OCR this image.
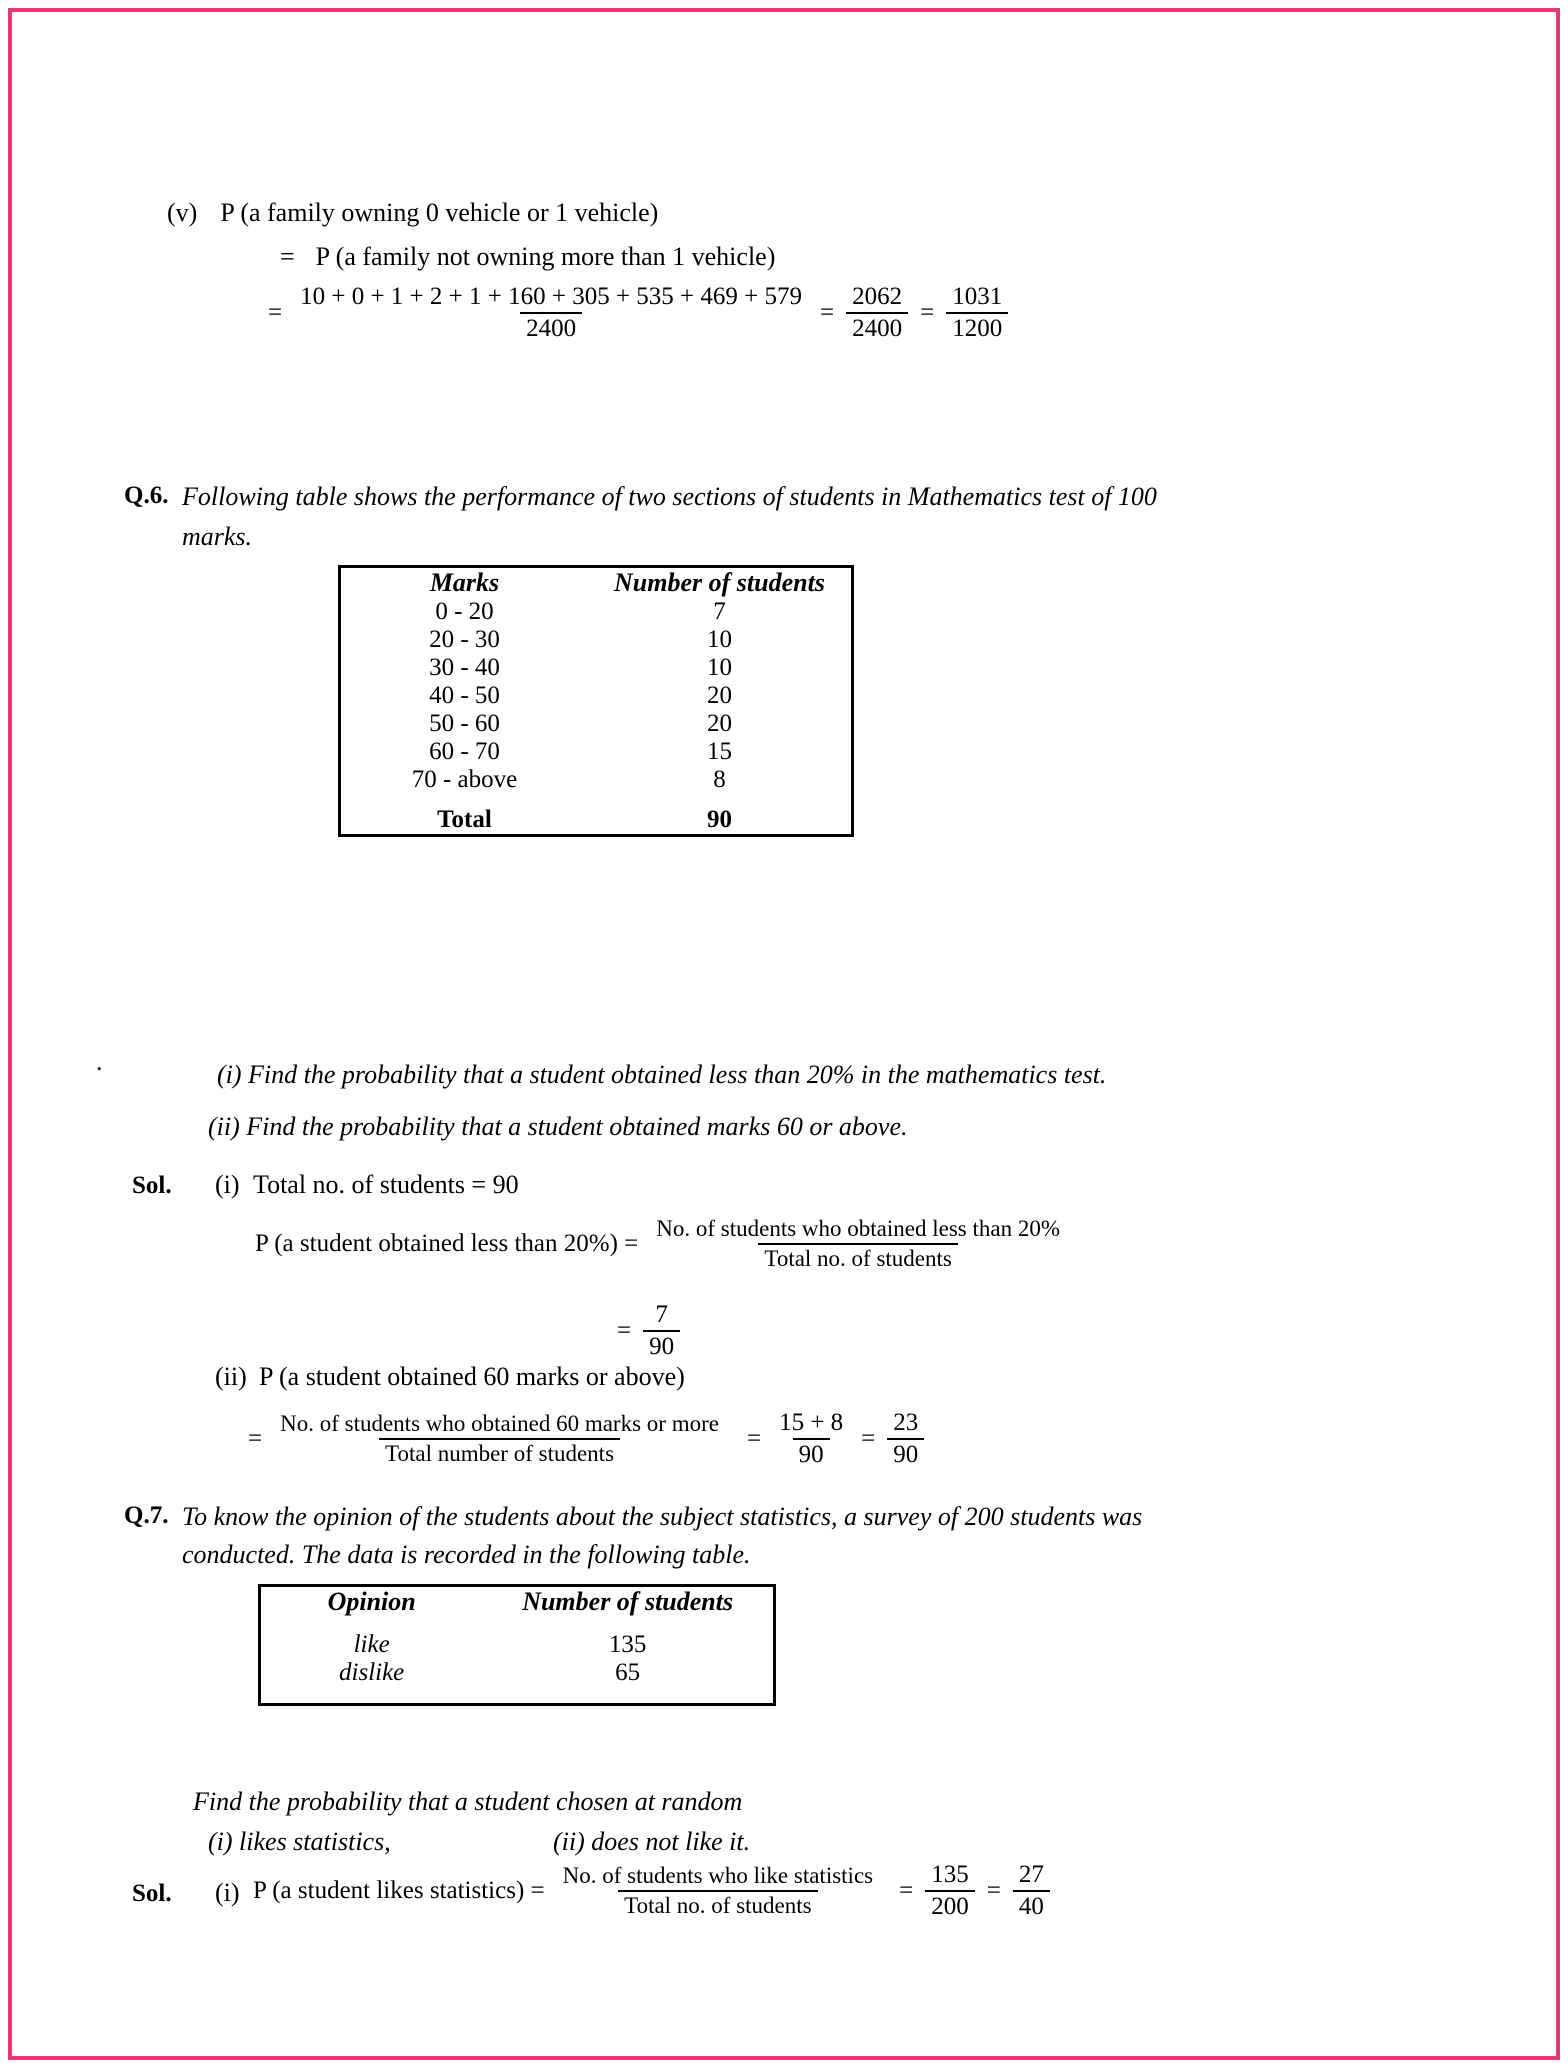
(v) P (a family owning 0 vehicle or 1 vehicle)
= P (a family not owning more than 1 vehicle)
= $\frac{10 + 0 + 1 + 2 + 1 + 160 + 305 + 535 + 469 + 579}{2400} = \frac{2062}{2400} = \frac{1031}{1200}$
Q.6. Following table shows the performance of two sections of students in Mathematics test of 100
marks.
Marks	Number of students
0 - 20	7
20 - 30	10
30 - 40	10
40 - 50	20
50 - 60	20
60 - 70	15
70 - above	8
Total	90
.	(i) Find the probability that a student obtained less than 20% in the mathematics test.
(ii) Find the probability that a student obtained marks 60 or above.
Sol. (i) Total no. of students = 90
P (a student obtained less than $20\%) = \frac{\text{No. of students who obtained less than 20\%}}{\text{Total no. of students}}$
= $\frac{7}{90}$
(ii) P (a student obtained 60 marks or above)
= $\frac{\text{No. of students who obtained 60 marks or more}}{\text{Total number of students}} = \frac{15 + 8}{90} = \frac{23}{90}$
Q.7. To know the opinion of the students about the subject statistics, a survey of 200 students was
conducted. The data is recorded in the following table.
Opinion	Number of students
like	135
dislike	65
Find the probability that a student chosen at random
(i) likes statistics,	(ii) does not like it.
Sol. (i) P (a student likes statistics) = $\frac{\text{No. of students who like statistics}}{\text{Total no. of students}} = \frac{135}{200} = \frac{27}{40}$
